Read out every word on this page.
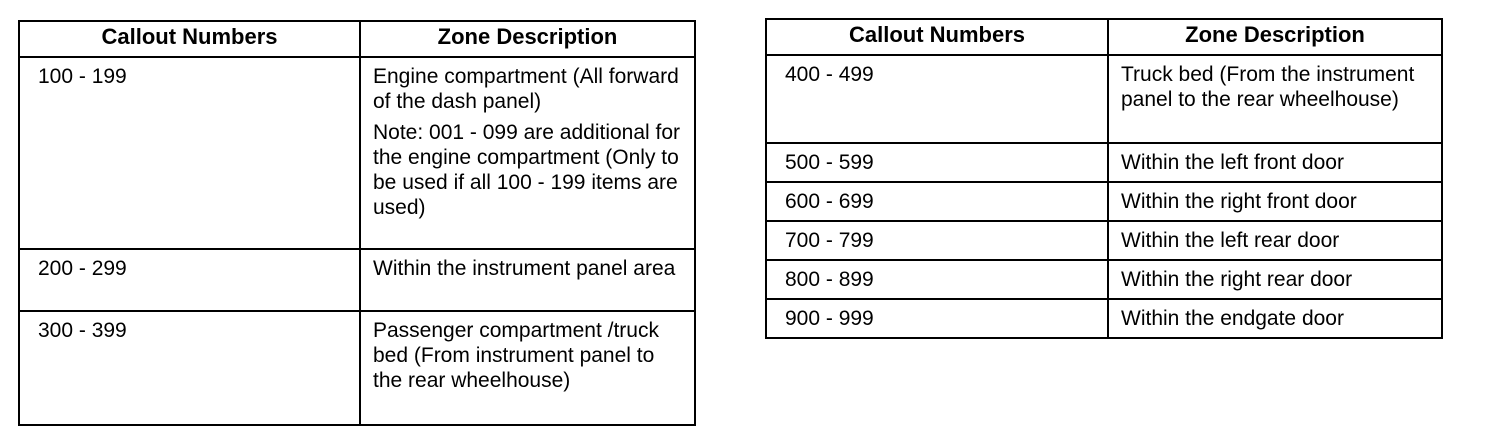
Callout Numbers	Zone Description
100 - 199	Engine compartment (All forward of the dash panel)
Note: 001 - 099 are additional for the engine compartment (Only to be used if all 100 - 199 items are used)

200 - 299	Within the instrument panel area
300 - 399	Passenger compartment /truck bed (From instrument panel to the rear wheelhouse)
Callout Numbers	Zone Description
400 - 499	Truck bed (From the instrument panel to the rear wheelhouse)
500 - 599	Within the left front door
600 - 699	Within the right front door
700 - 799	Within the left rear door
800 - 899	Within the right rear door
900 - 999	Within the endgate door
